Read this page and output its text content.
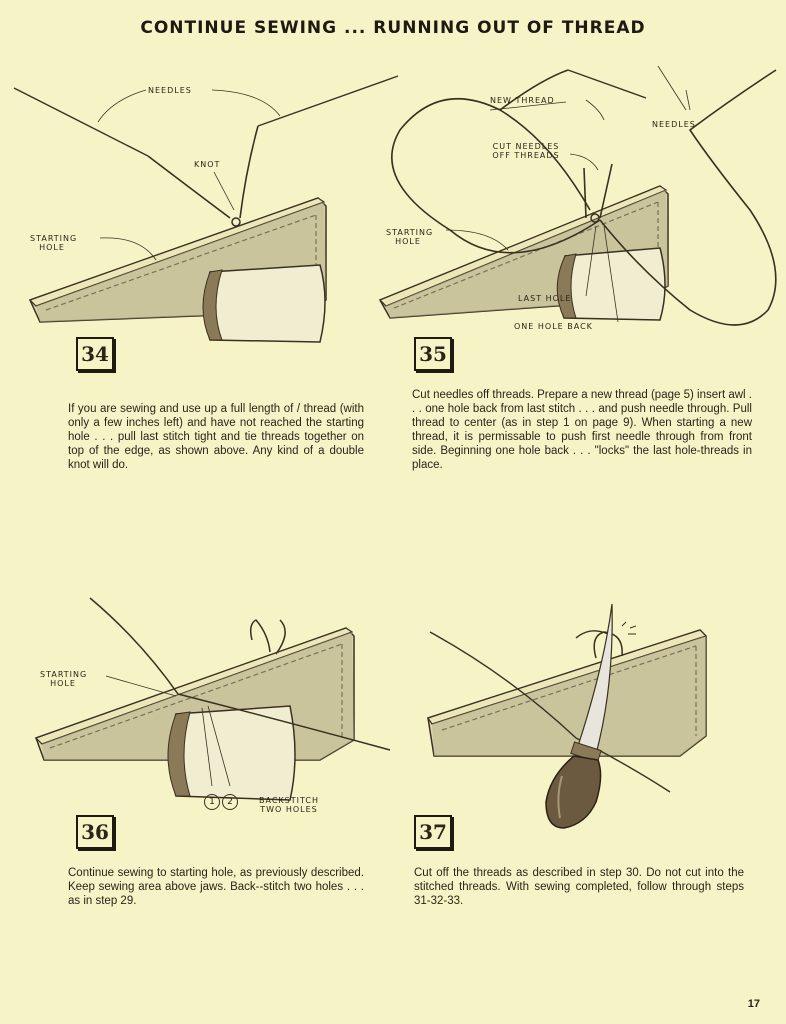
CONTINUE SEWING ... RUNNING OUT OF THREAD
NEEDLES
KNOT
STARTING HOLE
34
If you are sewing and use up a full length of / thread (with only a few inches left) and have not reached the starting hole . . . pull last stitch tight and tie threads together on top of the edge, as shown above. Any kind of a double knot will do.
NEW THREAD
NEEDLES
CUT NEEDLES OFF THREADS
STARTING HOLE
LAST HOLE
ONE HOLE BACK
35
Cut needles off threads. Prepare a new thread (page 5) insert awl . . . one hole back from last stitch . . . and push needle through. Pull thread to center (as in step 1 on page 9). When starting a new thread, it is permissable to push first needle through from front side. Beginning one hole back . . . "locks" the last hole-threads in place.
STARTING HOLE
1	2	BACKSTITCH TWO HOLES
36
Continue sewing to starting hole, as previously described. Keep sewing area above jaws. Back--stitch two holes . . . as in step 29.
37
Cut off the threads as described in step 30. Do not cut into the stitched threads. With sewing completed, follow through steps 31-32-33.
17
